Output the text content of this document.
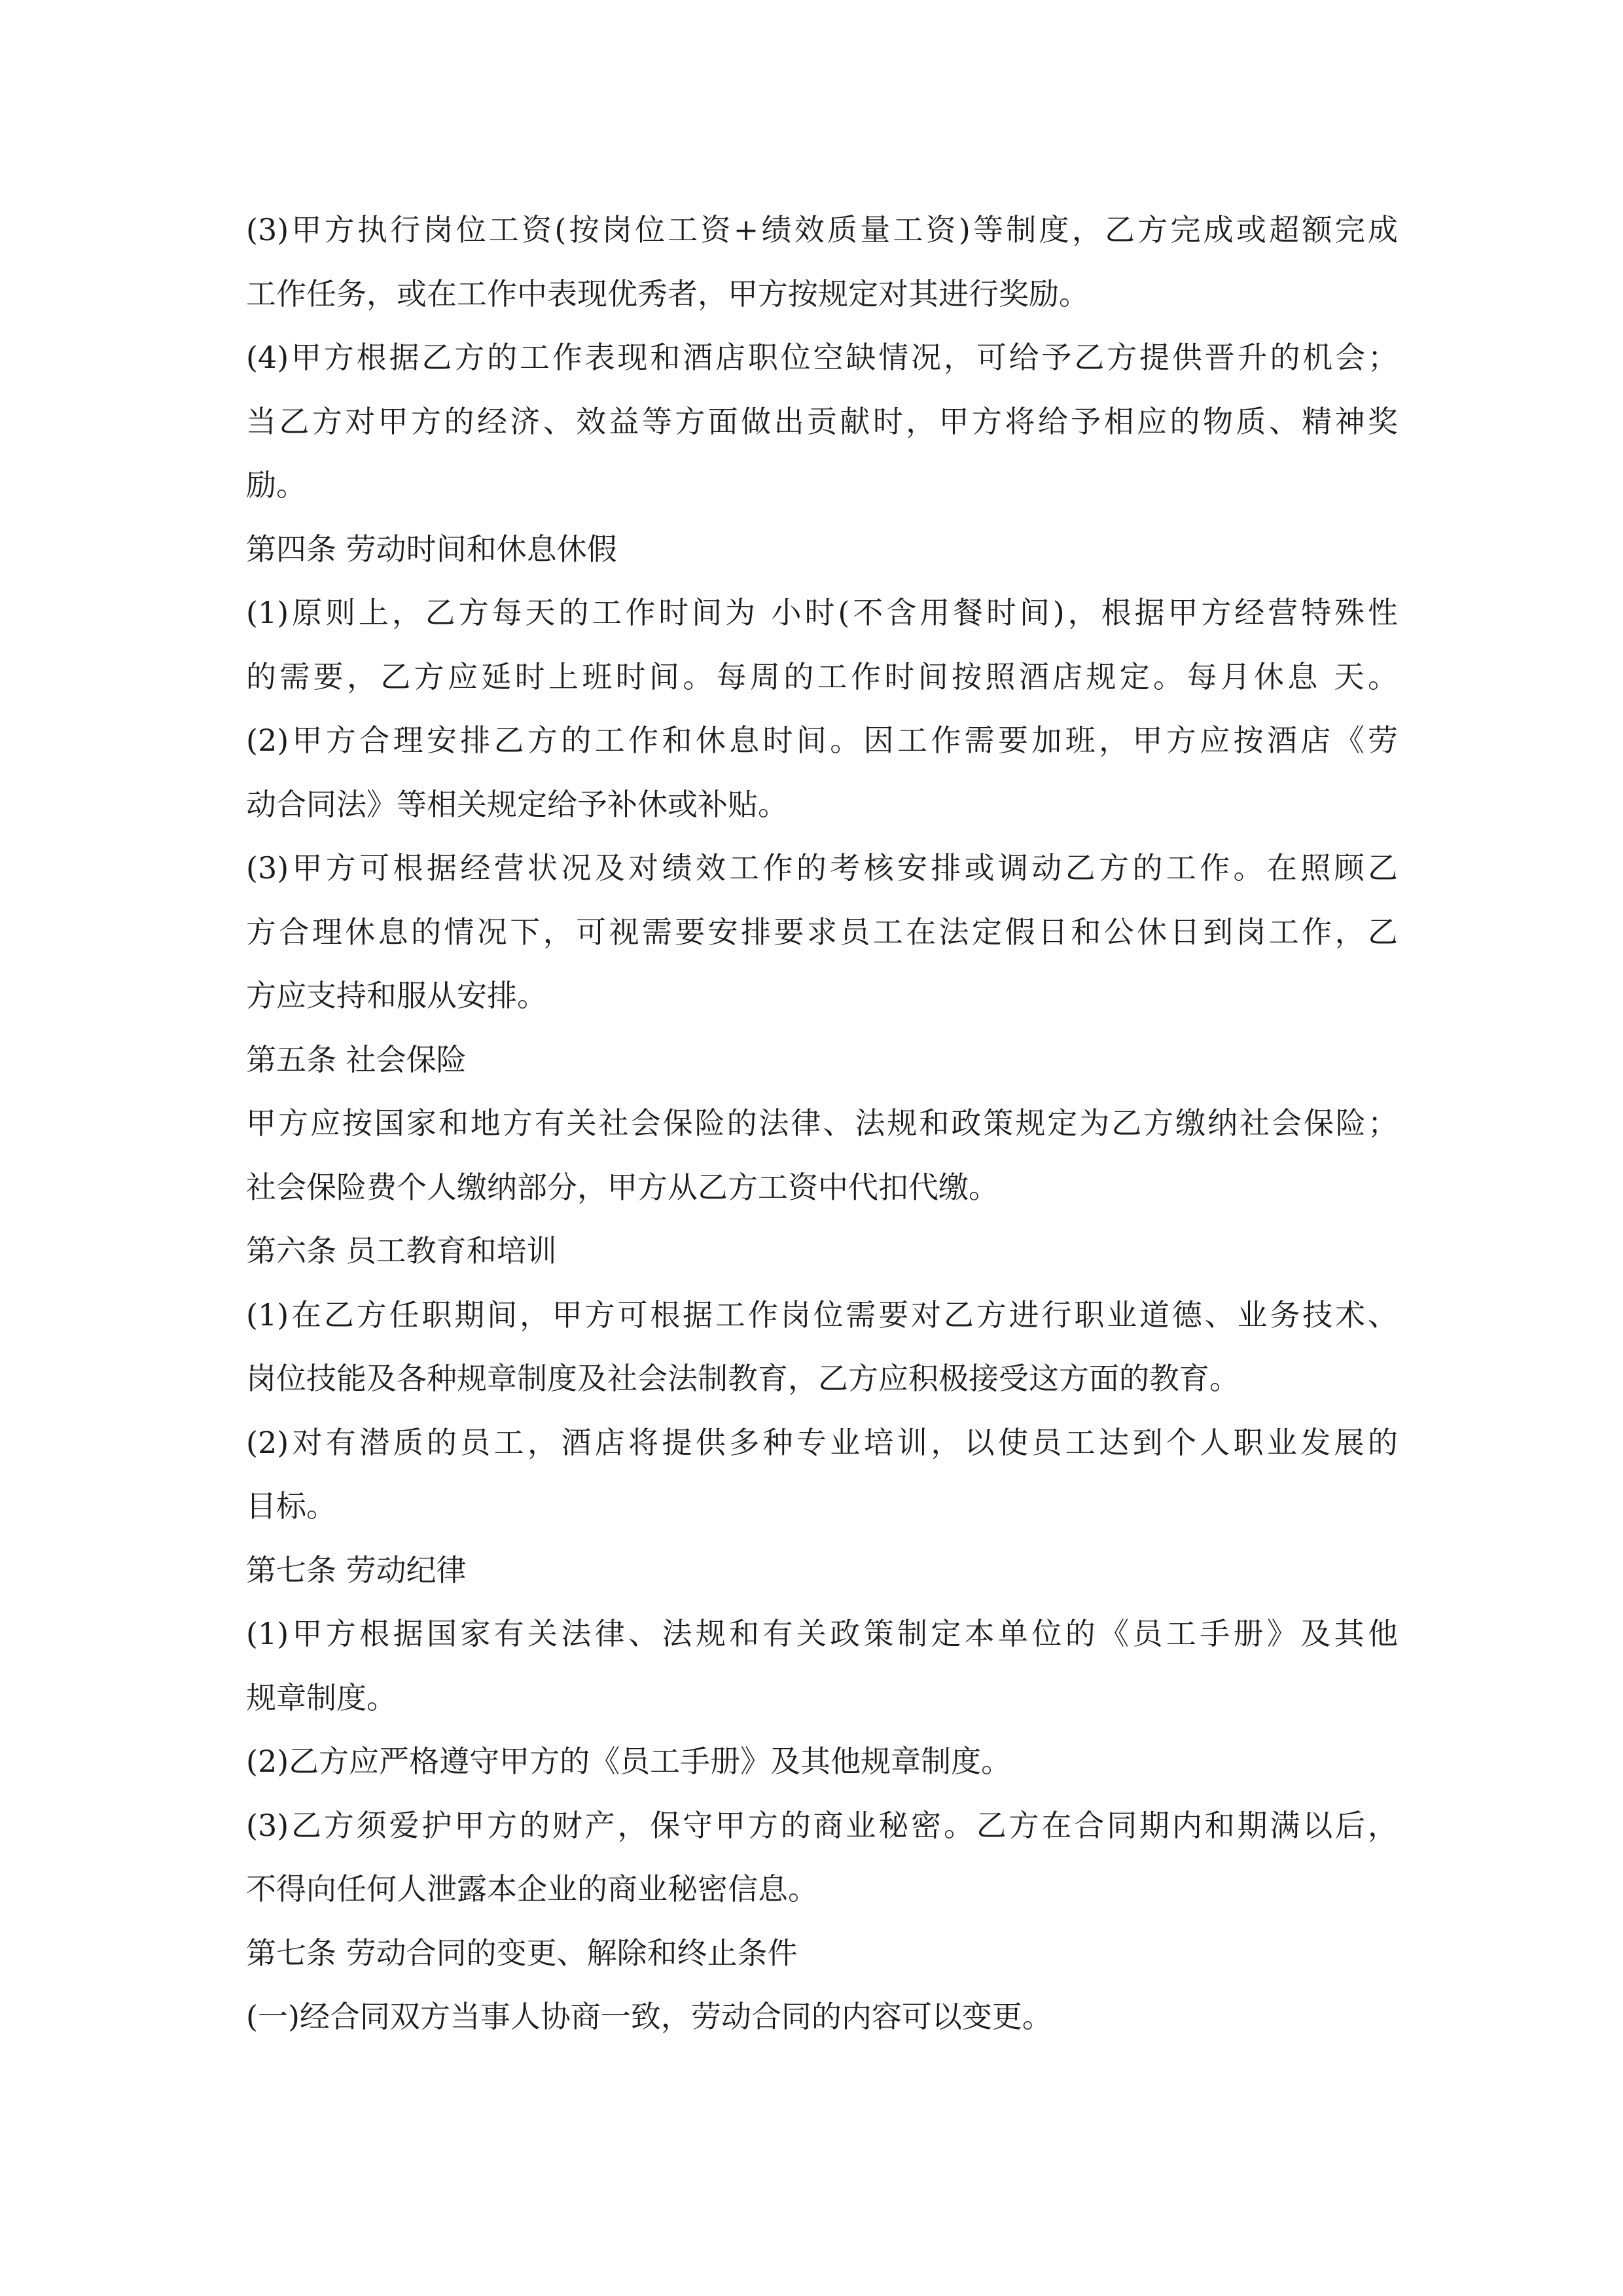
(3)甲方执行岗位工资(按岗位工资+绩效质量工资)等制度，乙方完成或超额完成
工作任务，或在工作中表现优秀者，甲方按规定对其进行奖励。
(4)甲方根据乙方的工作表现和酒店职位空缺情况，可给予乙方提供晋升的机会；
当乙方对甲方的经济、效益等方面做出贡献时，甲方将给予相应的物质、精神奖
励。
第四条 劳动时间和休息休假
(1)原则上，乙方每天的工作时间为 小时(不含用餐时间)，根据甲方经营特殊性
的需要，乙方应延时上班时间。每周的工作时间按照酒店规定。每月休息 天。
(2)甲方合理安排乙方的工作和休息时间。因工作需要加班，甲方应按酒店《劳
动合同法》等相关规定给予补休或补贴。
(3)甲方可根据经营状况及对绩效工作的考核安排或调动乙方的工作。在照顾乙
方合理休息的情况下，可视需要安排要求员工在法定假日和公休日到岗工作，乙
方应支持和服从安排。
第五条 社会保险
甲方应按国家和地方有关社会保险的法律、法规和政策规定为乙方缴纳社会保险；
社会保险费个人缴纳部分，甲方从乙方工资中代扣代缴。
第六条 员工教育和培训
(1)在乙方任职期间，甲方可根据工作岗位需要对乙方进行职业道德、业务技术、
岗位技能及各种规章制度及社会法制教育，乙方应积极接受这方面的教育。
(2)对有潜质的员工，酒店将提供多种专业培训，以使员工达到个人职业发展的
目标。
第七条 劳动纪律
(1)甲方根据国家有关法律、法规和有关政策制定本单位的《员工手册》及其他
规章制度。
(2)乙方应严格遵守甲方的《员工手册》及其他规章制度。
(3)乙方须爱护甲方的财产，保守甲方的商业秘密。乙方在合同期内和期满以后，
不得向任何人泄露本企业的商业秘密信息。
第七条 劳动合同的变更、解除和终止条件
(一)经合同双方当事人协商一致，劳动合同的内容可以变更。
